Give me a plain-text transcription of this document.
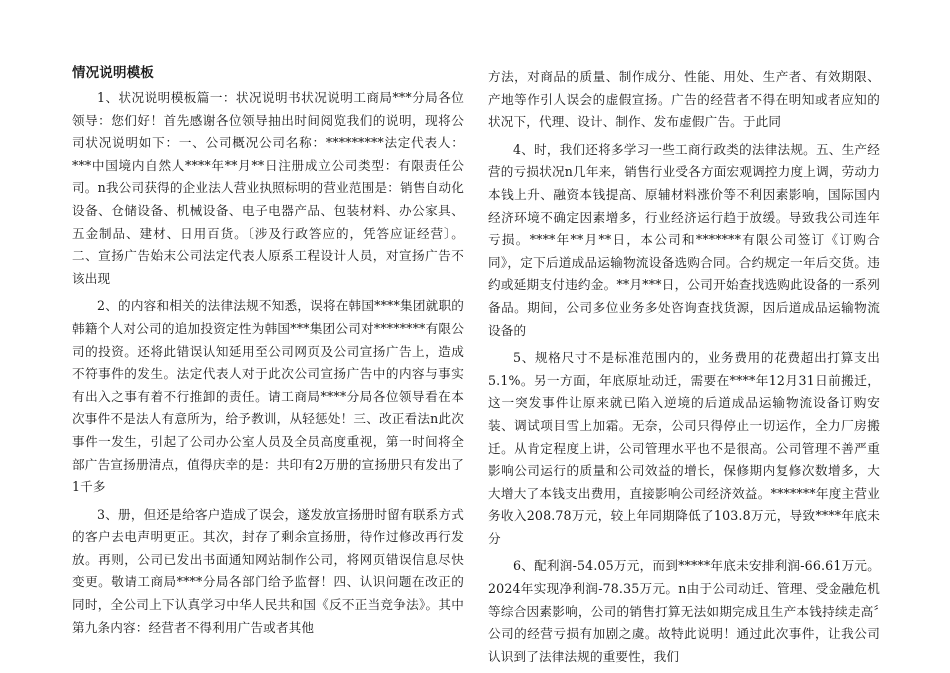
情况说明模板

1、状况说明模板篇一：状况说明书状况说明工商局***分局各位领导：您们好！首先感谢各位领导抽出时间阅览我们的说明，现将公司状况说明如下：一、公司概况公司名称：*********法定代表人：***中国境内自然人****年**月**日注册成立公司类型：有限责任公司。n我公司获得的企业法人营业执照标明的营业范围是：销售自动化设备、仓储设备、机械设备、电子电器产品、包装材料、办公家具、五金制品、建材、日用百货。〔涉及行政答应的，凭答应证经营〕。二、宣扬广告始末公司法定代表人原系工程设计人员，对宣扬广告不该出现

2、的内容和相关的法律法规不知悉，误将在韩国****集团就职的韩籍个人对公司的追加投资定性为韩国***集团公司对********有限公司的投资。还将此错误认知延用至公司网页及公司宣扬广告上，造成不符事件的发生。法定代表人对于此次公司宣扬广告中的内容与事实有出入之事有着不行推卸的责任。请工商局****分局各位领导看在本次事件不是法人有意所为，给予教训，从轻惩处！三、改正看法n此次事件一发生，引起了公司办公室人员及全员高度重视，第一时间将全部广告宣扬册清点，值得庆幸的是：共印有2万册的宣扬册只有发出了1千多

3、册，但还是给客户造成了误会，遂发放宣扬册时留有联系方式的客户去电声明更正。其次，封存了剩余宣扬册，待作过修改再行发放。再则，公司已发出书面通知网站制作公司，将网页错误信息尽快变更。敬请工商局****分局各部门给予监督！四、认识问题在改正的同时，全公司上下认真学习中华人民共和国《反不正当竞争法》。其中第九条内容：经营者不得利用广告或者其他

方法，对商品的质量、制作成分、性能、用处、生产者、有效期限、产地等作引人误会的虚假宣扬。广告的经营者不得在明知或者应知的状况下，代理、设计、制作、发布虚假广告。于此同

4、时，我们还将多学习一些工商行政类的法律法规。五、生产经营的亏损状况n几年来，销售行业受各方面宏观调控力度上调，劳动力本钱上升、融资本钱提高、原辅材料涨价等不利因素影响，国际国内经济环境不确定因素增多，行业经济运行趋于放缓。导致我公司连年亏损。****年**月**日，本公司和*******有限公司签订《订购合同》，定下后道成品运输物流设备选购合同。合约规定一年后交货。违约或延期支付违约金。**月***日，公司开始查找选购此设备的一系列备品。期间，公司多位业务多处咨询查找货源，因后道成品运输物流设备的

5、规格尺寸不是标准范围内的，业务费用的花费超出打算支出5.1%。另一方面，年底原址动迁，需要在****年12月31日前搬迁，这一突发事件让原来就已陷入逆境的后道成品运输物流设备订购安装、调试项目雪上加霜。无奈，公司只得停止一切运作，全力厂房搬迁。从肯定程度上讲，公司管理水平也不是很高。公司管理不善严重影响公司运行的质量和公司效益的增长，保修期内复修次数增多，大大增大了本钱支出费用，直接影响公司经济效益。*******年度主营业务收入208.78万元，较上年同期降低了103.8万元，导致****年底未分

6、配利润-54.05万元，而到*****年底未安排利润-66.61万元。2024年实现净利润-78.35万元。n由于公司动迁、管理、受金融危机等综合因素影响，公司的销售打算无法如期完成且生产本钱持续走高〞公司的经营亏损有加剧之虞。故特此说明！通过此次事件，让我公司认识到了法律法规的重要性，我们
